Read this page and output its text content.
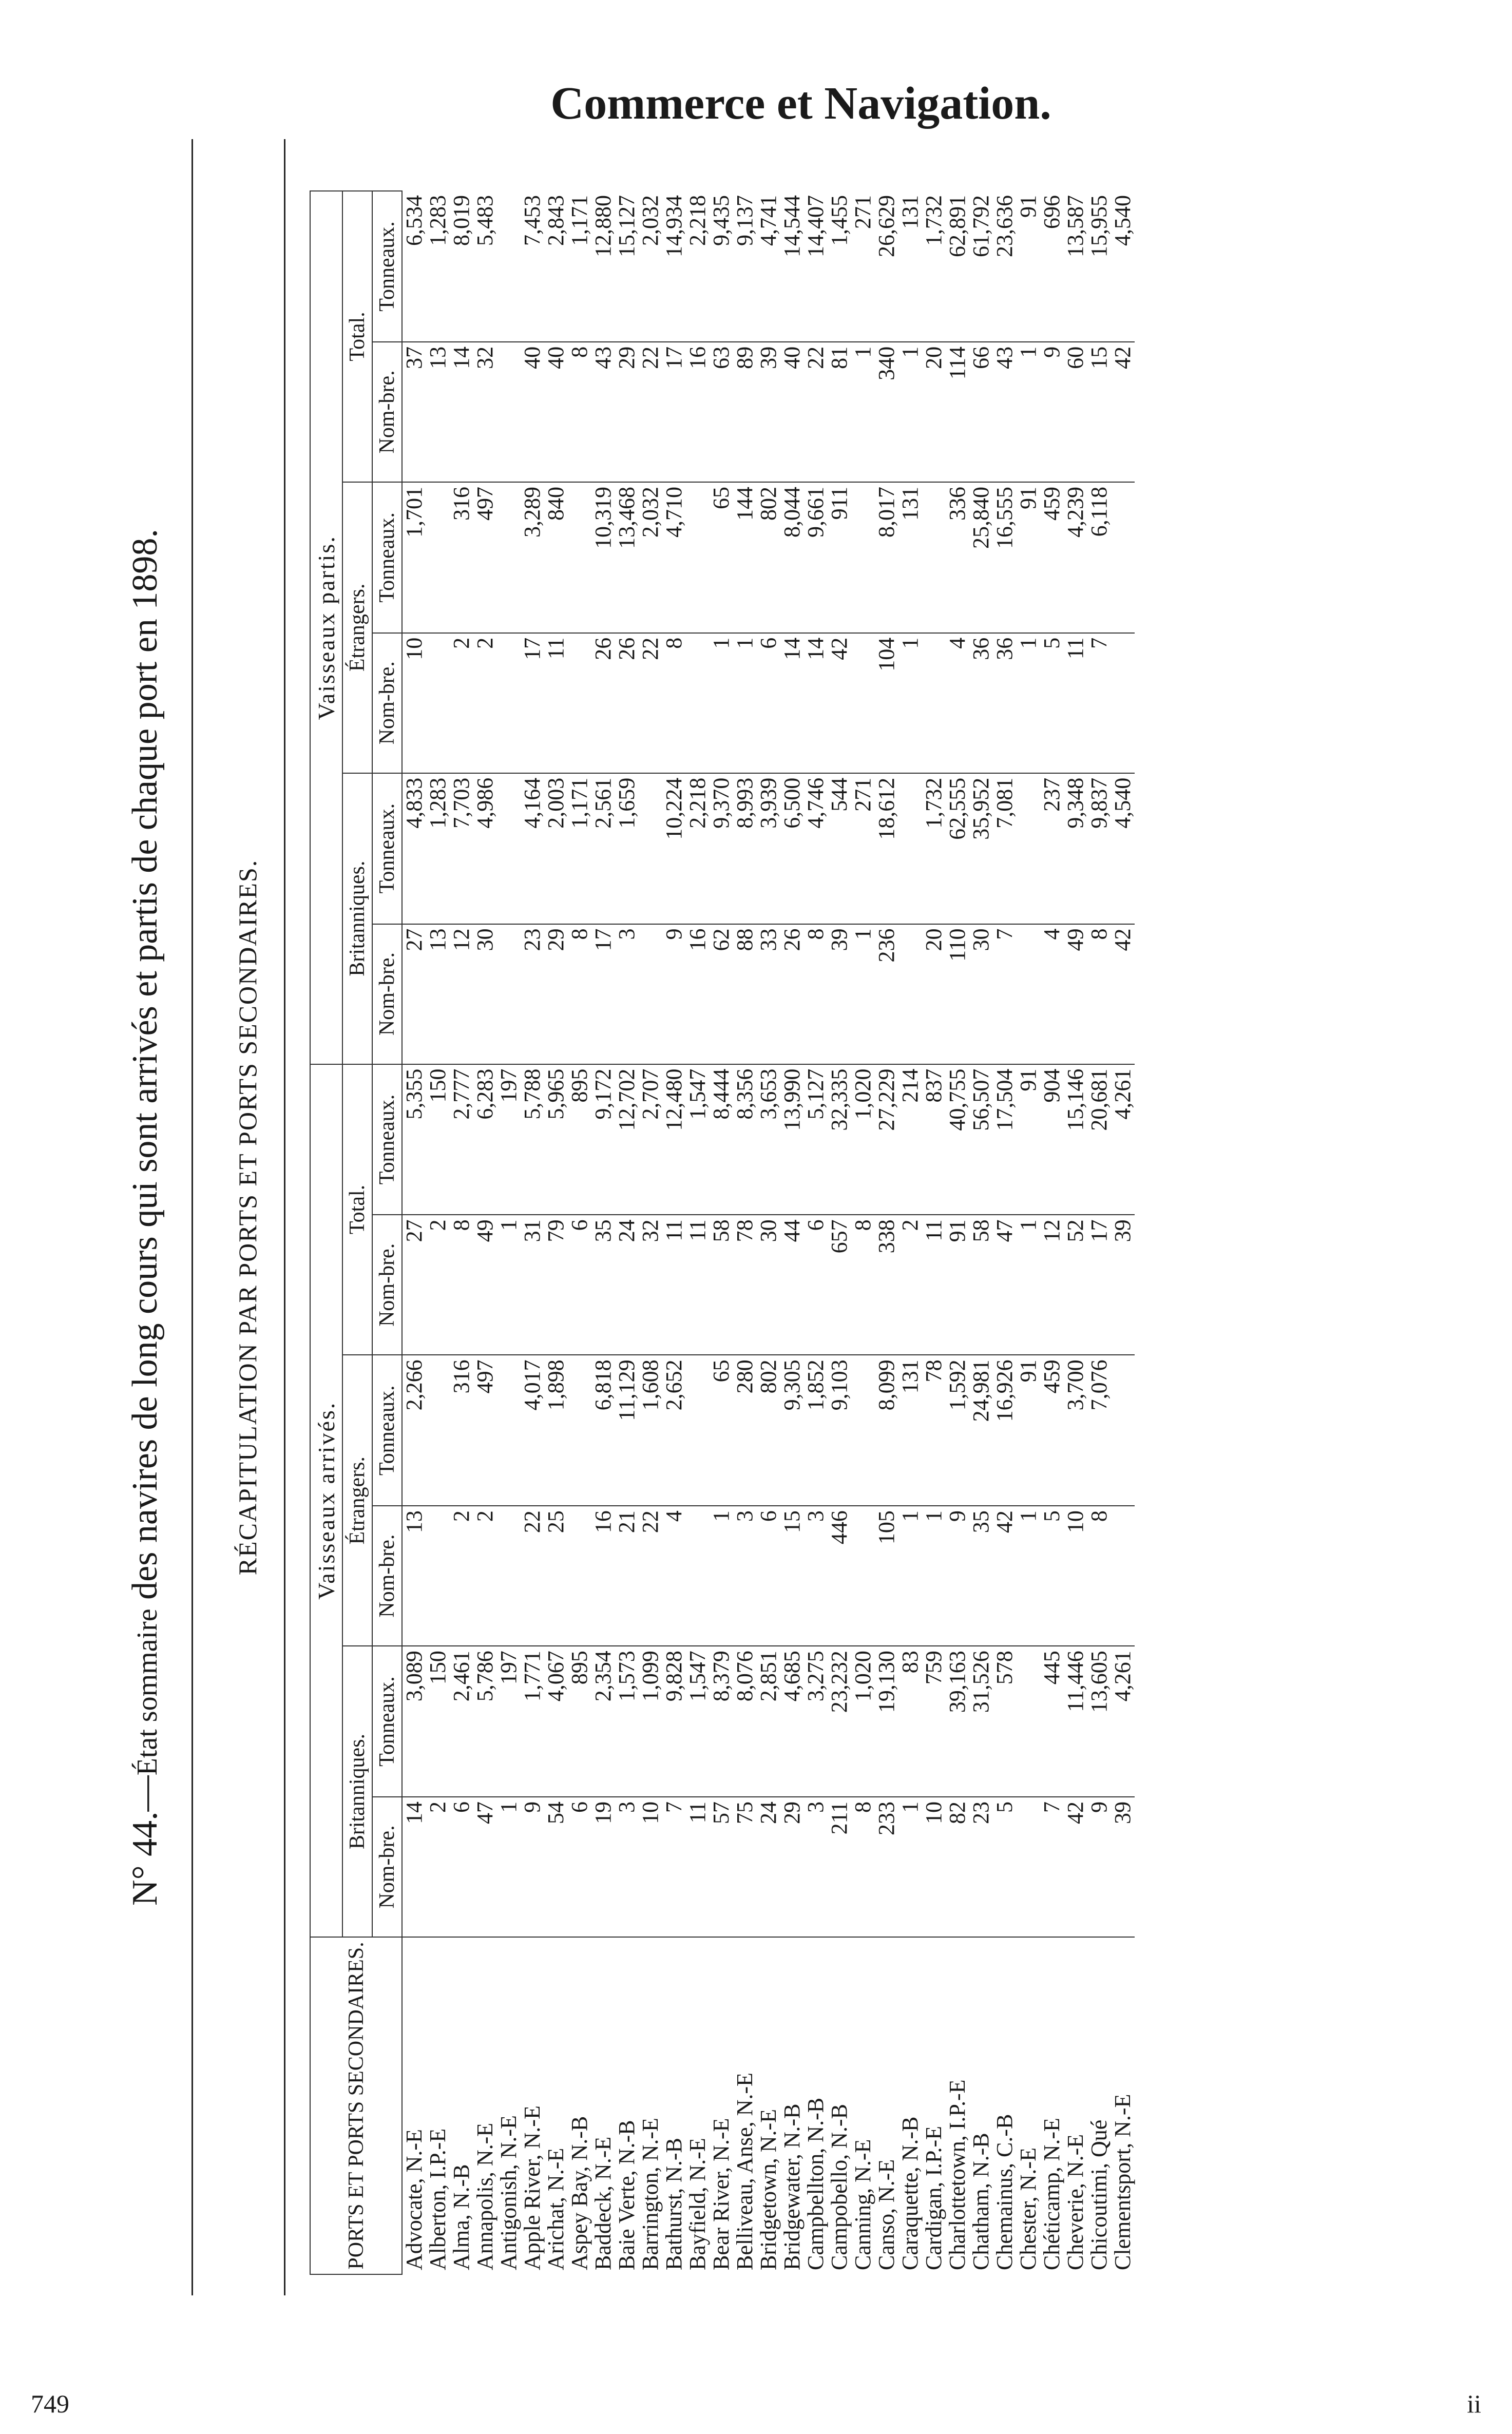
Commerce et Navigation.
N° 44.—État sommaire des navires de long cours qui sont arrivés et partis de chaque port en 1898.	RÉCAPITULATION PAR PORTS ET PORTS SECONDAIRES.
PORTS ET PORTS SECONDAIRES.	Vaisseaux arrivés.						Vaisseaux partis.					
	Britanniques.		Étrangers.		Total.		Britanniques.		Étrangers.		Total.	
	Nom-bre.	Tonneaux.	Nom-bre.	Tonneaux.	Nom-bre.	Tonneaux.	Nom-bre.	Tonneaux.	Nom-bre.	Tonneaux.	Nom-bre.	Tonneaux.
Advocate, N.-E	14	3,089	13	2,266	27	5,355	27	4,833	10	1,701	37	6,534
Alberton, I.P.-E	2	150			2	150	13	1,283			13	1,283
Alma, N.-B	6	2,461	2	316	8	2,777	12	7,703	2	316	14	8,019
Annapolis, N.-E	47	5,786	2	497	49	6,283	30	4,986	2	497	32	5,483
Antigonish, N.-E	1	197			1	197						
Apple River, N.-E	9	1,771	22	4,017	31	5,788	23	4,164	17	3,289	40	7,453
Arichat, N.-E	54	4,067	25	1,898	79	5,965	29	2,003	11	840	40	2,843
Aspey Bay, N.-B	6	895			6	895	8	1,171			8	1,171
Baddeck, N.-E	19	2,354	16	6,818	35	9,172	17	2,561	26	10,319	43	12,880
Baie Verte, N.-B	3	1,573	21	11,129	24	12,702	3	1,659	26	13,468	29	15,127
Barrington, N.-E	10	1,099	22	1,608	32	2,707			22	2,032	22	2,032
Bathurst, N.-B	7	9,828	4	2,652	11	12,480	9	10,224	8	4,710	17	14,934
Bayfield, N.-E	11	1,547			11	1,547	16	2,218			16	2,218
Bear River, N.-E	57	8,379	1	65	58	8,444	62	9,370	1	65	63	9,435
Belliveau, Anse, N.-E	75	8,076	3	280	78	8,356	88	8,993	1	144	89	9,137
Bridgetown, N.-E	24	2,851	6	802	30	3,653	33	3,939	6	802	39	4,741
Bridgewater, N.-B	29	4,685	15	9,305	44	13,990	26	6,500	14	8,044	40	14,544
Campbellton, N.-B	3	3,275	3	1,852	6	5,127	8	4,746	14	9,661	22	14,407
Campobello, N.-B	211	23,232	446	9,103	657	32,335	39	544	42	911	81	1,455
Canning, N.-E	8	1,020			8	1,020	1	271			1	271
Canso, N.-E	233	19,130	105	8,099	338	27,229	236	18,612	104	8,017	340	26,629
Caraquette, N.-B	1	83	1	131	2	214			1	131	1	131
Cardigan, I.P.-E	10	759	1	78	11	837	20	1,732			20	1,732
Charlottetown, I.P.-E	82	39,163	9	1,592	91	40,755	110	62,555	4	336	114	62,891
Chatham, N.-B	23	31,526	35	24,981	58	56,507	30	35,952	36	25,840	66	61,792
Chemainus, C.-B	5	578	42	16,926	47	17,504	7	7,081	36	16,555	43	23,636
Chester, N.-E			1	91	1	91			1	91	1	91
Chéticamp, N.-E	7	445	5	459	12	904	4	237	5	459	9	696
Cheverie, N.-E	42	11,446	10	3,700	52	15,146	49	9,348	11	4,239	60	13,587
Chicoutimi, Qué	9	13,605	8	7,076	17	20,681	8	9,837	7	6,118	15	15,955
Clementsport, N.-E	39	4,261			39	4,261	42	4,540			42	4,540
749	ii
